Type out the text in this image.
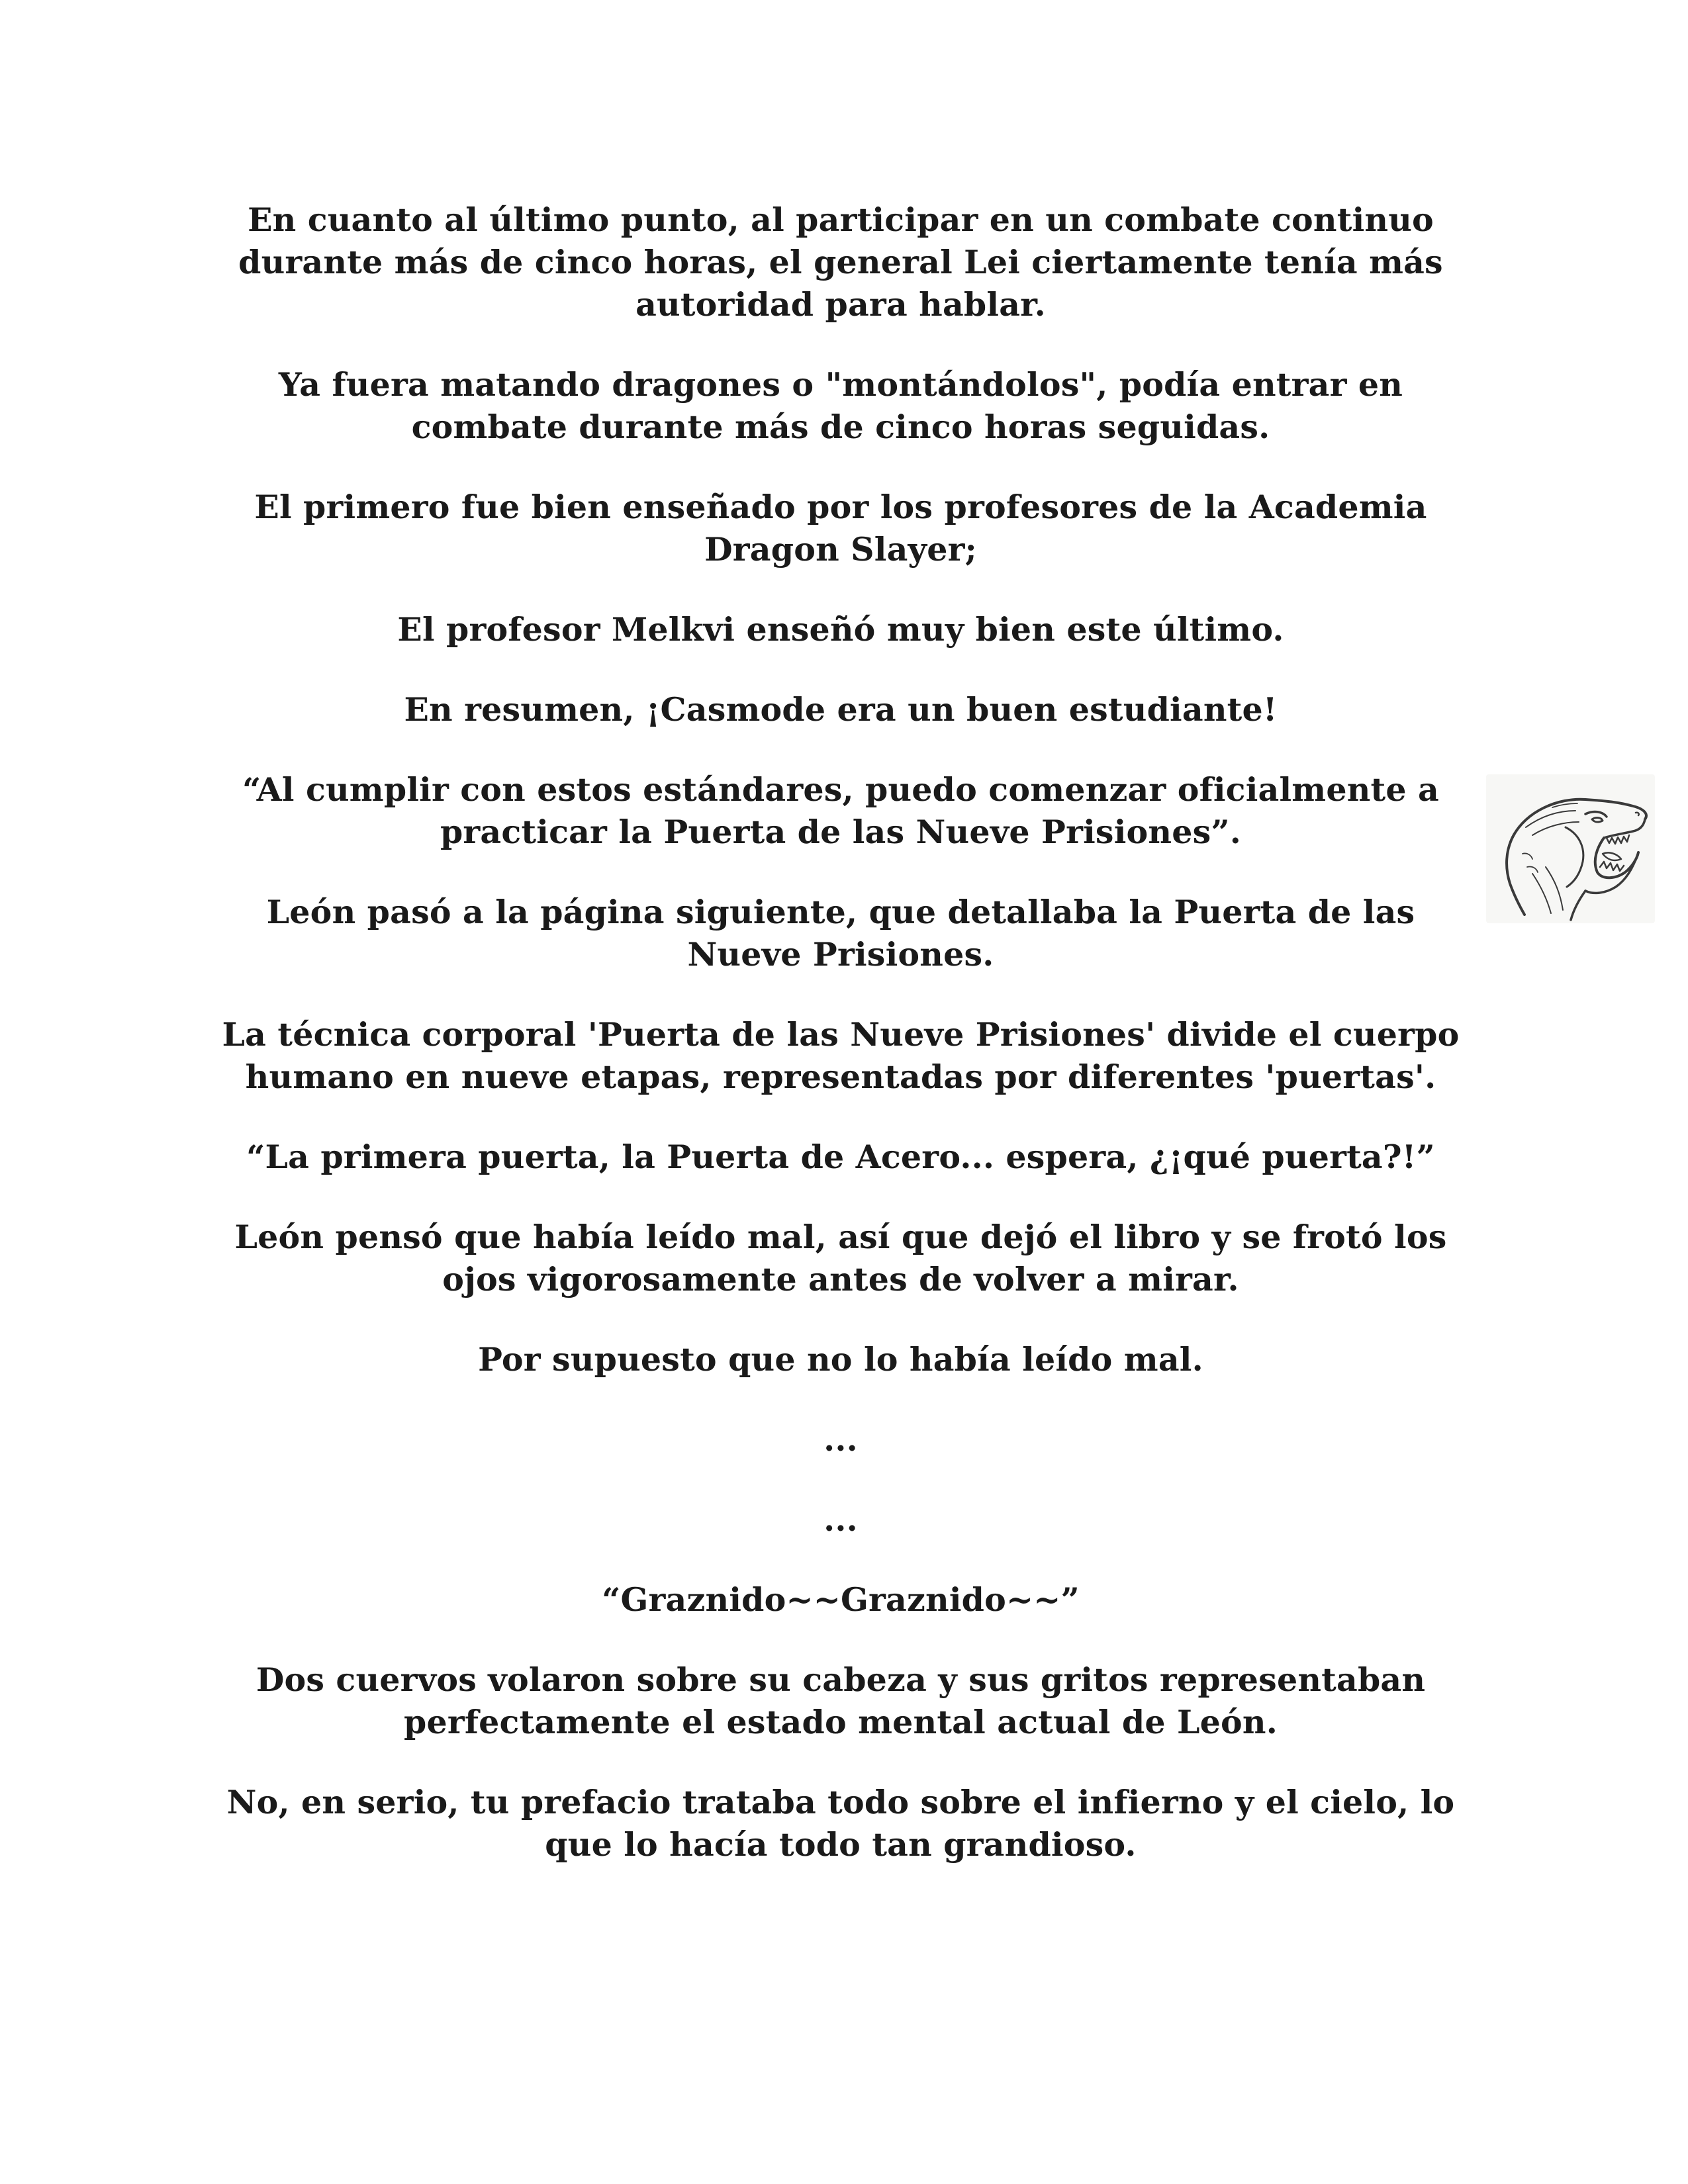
En cuanto al último punto, al participar en un combate continuo durante más de cinco horas, el general Lei ciertamente tenía más autoridad para hablar.

Ya fuera matando dragones o "montándolos", podía entrar en combate durante más de cinco horas seguidas.

El primero fue bien enseñado por los profesores de la Academia Dragon Slayer;

El profesor Melkvi enseñó muy bien este último.

En resumen, ¡Casmode era un buen estudiante!

“Al cumplir con estos estándares, puedo comenzar oficialmente a practicar la Puerta de las Nueve Prisiones”.

León pasó a la página siguiente, que detallaba la Puerta de las Nueve Prisiones.

La técnica corporal 'Puerta de las Nueve Prisiones' divide el cuerpo humano en nueve etapas, representadas por diferentes 'puertas'.

“La primera puerta, la Puerta de Acero... espera, ¿¡qué puerta?!”

León pensó que había leído mal, así que dejó el libro y se frotó los ojos vigorosamente antes de volver a mirar.

Por supuesto que no lo había leído mal.

...

...

“Graznido~~Graznido~~”

Dos cuervos volaron sobre su cabeza y sus gritos representaban perfectamente el estado mental actual de León.

No, en serio, tu prefacio trataba todo sobre el infierno y el cielo, lo que lo hacía todo tan grandioso.
